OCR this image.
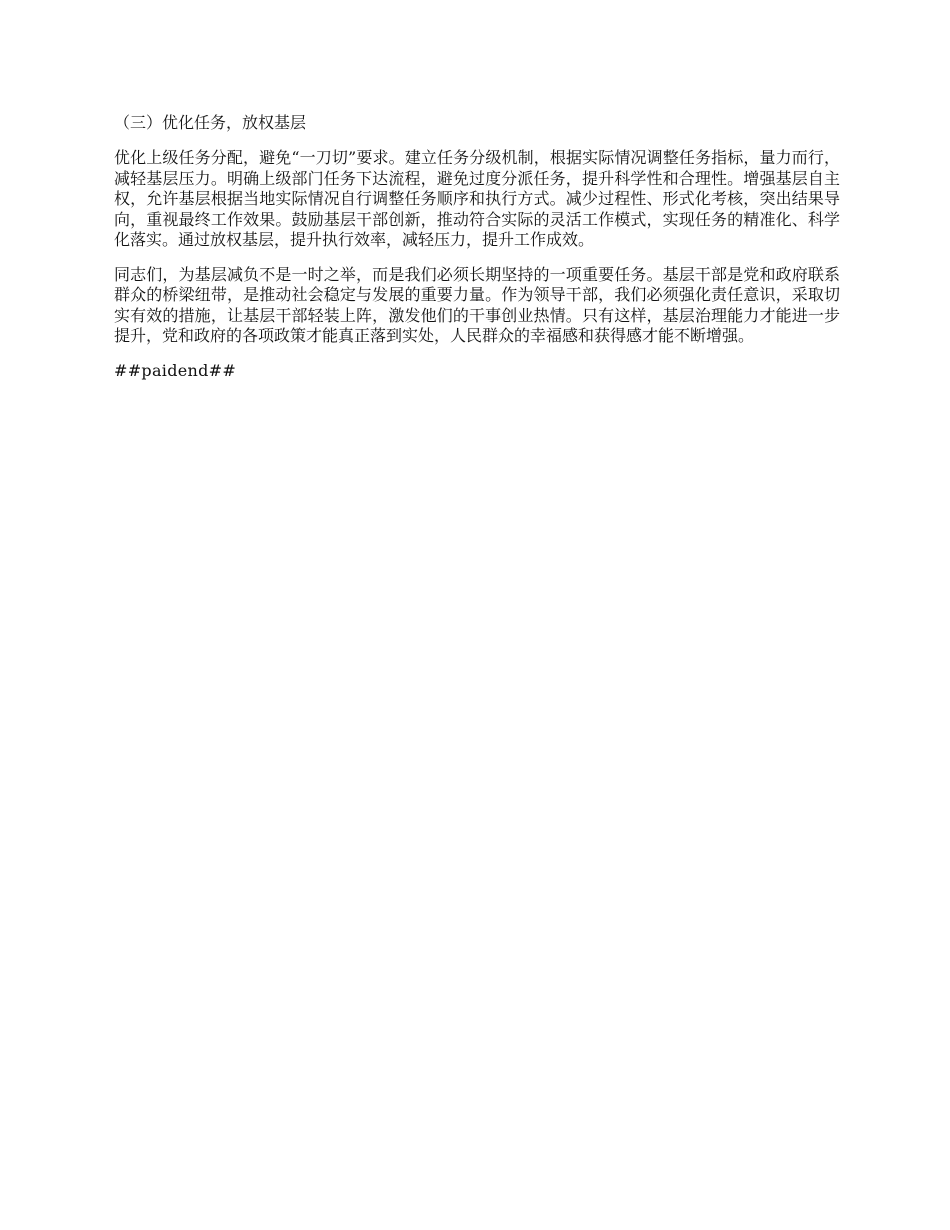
（三）优化任务，放权基层

优化上级任务分配，避免“一刀切”要求。建立任务分级机制，根据实际情况调整任务指标，量力而行，减轻基层压力。明确上级部门任务下达流程，避免过度分派任务，提升科学性和合理性。增强基层自主权，允许基层根据当地实际情况自行调整任务顺序和执行方式。减少过程性、形式化考核，突出结果导向，重视最终工作效果。鼓励基层干部创新，推动符合实际的灵活工作模式，实现任务的精准化、科学化落实。通过放权基层，提升执行效率，减轻压力，提升工作成效。

同志们，为基层减负不是一时之举，而是我们必须长期坚持的一项重要任务。基层干部是党和政府联系群众的桥梁纽带，是推动社会稳定与发展的重要力量。作为领导干部，我们必须强化责任意识，采取切实有效的措施，让基层干部轻装上阵，激发他们的干事创业热情。只有这样，基层治理能力才能进一步提升，党和政府的各项政策才能真正落到实处，人民群众的幸福感和获得感才能不断增强。

##paidend##
